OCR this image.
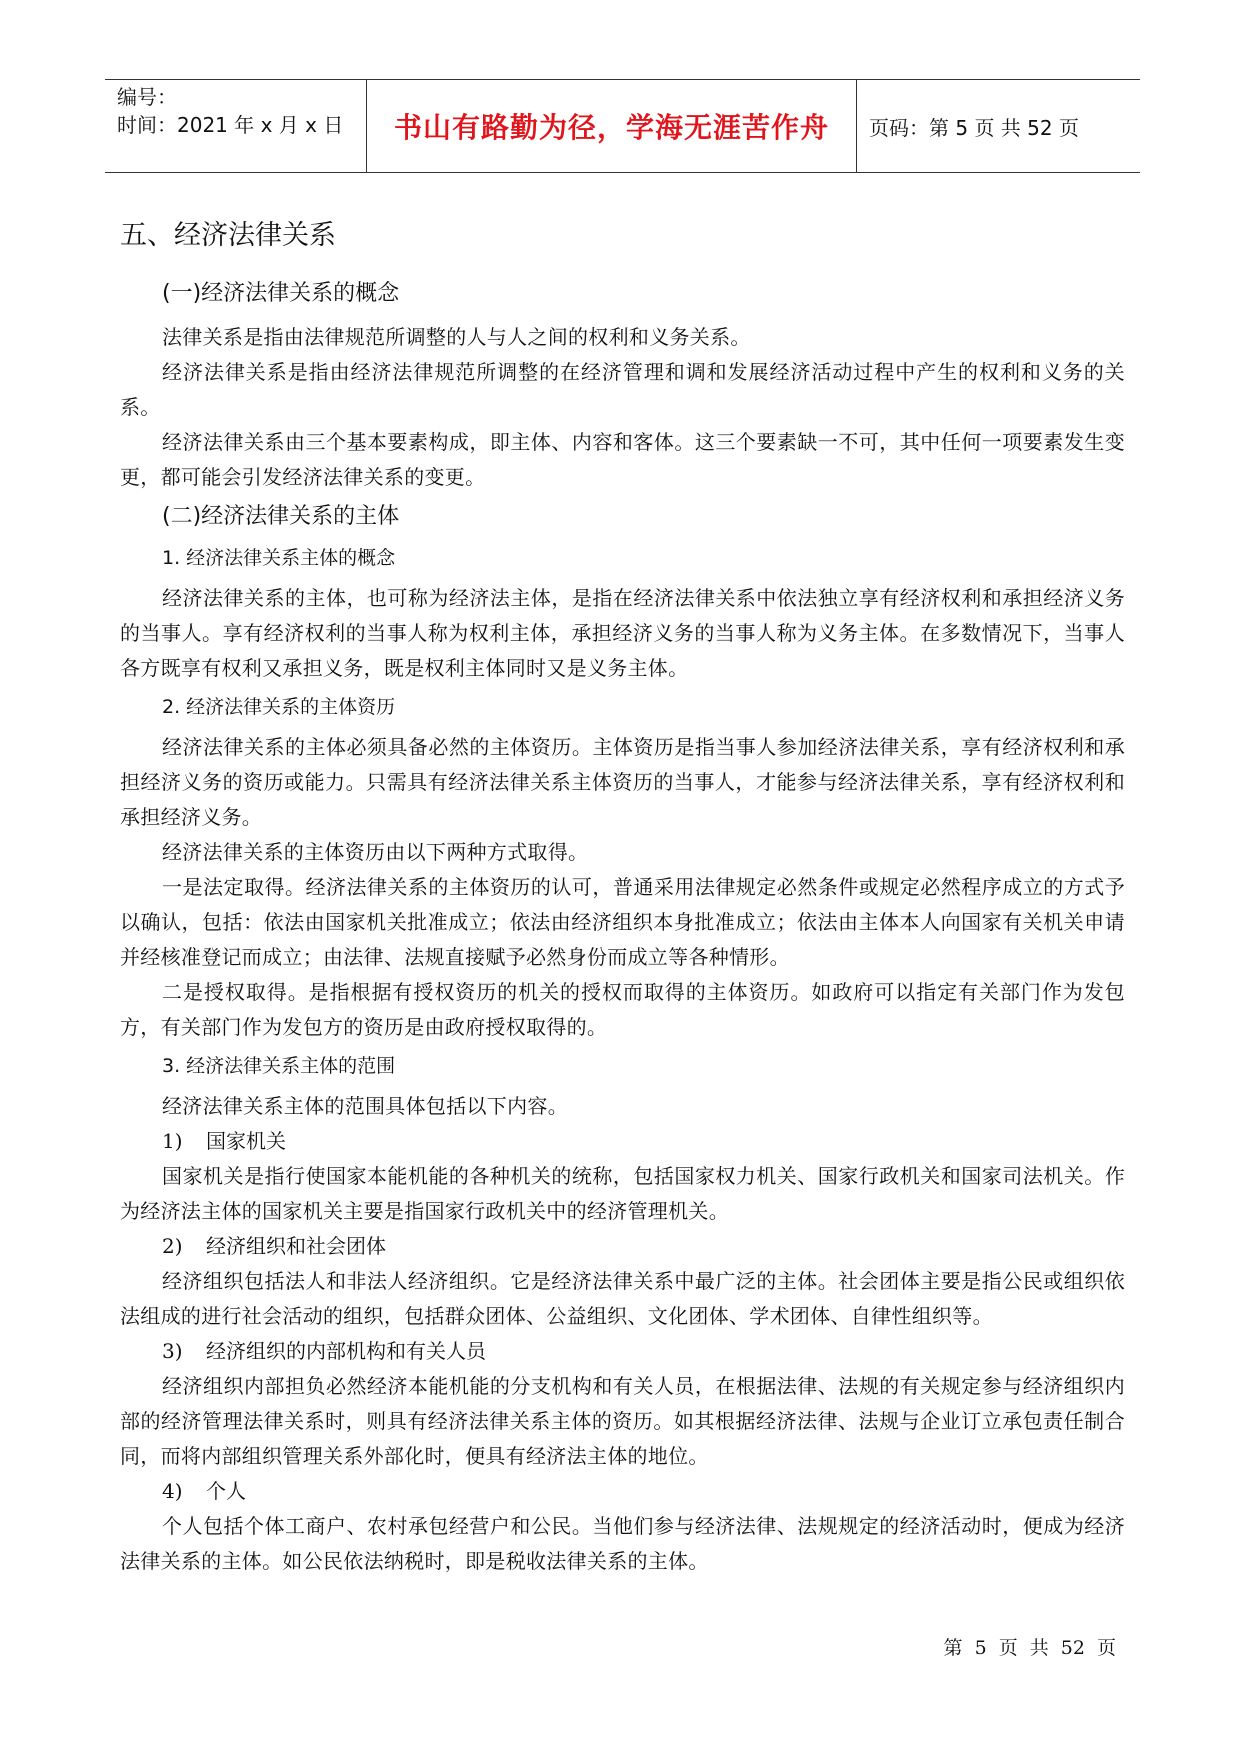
编号：
时间：2021 年 x 月 x 日	书山有路勤为径，学海无涯苦作舟	页码：第 5 页 共 52 页
五、经济法律关系
(一)经济法律关系的概念

法律关系是指由法律规范所调整的人与人之间的权利和义务关系。

经济法律关系是指由经济法律规范所调整的在经济管理和调和发展经济活动过程中产生的权利和义务的关系。

经济法律关系由三个基本要素构成，即主体、内容和客体。这三个要素缺一不可，其中任何一项要素发生变更，都可能会引发经济法律关系的变更。

(二)经济法律关系的主体
1. 经济法律关系主体的概念

经济法律关系的主体，也可称为经济法主体，是指在经济法律关系中依法独立享有经济权利和承担经济义务的当事人。享有经济权利的当事人称为权利主体，承担经济义务的当事人称为义务主体。在多数情况下，当事人各方既享有权利又承担义务，既是权利主体同时又是义务主体。

2. 经济法律关系的主体资历

经济法律关系的主体必须具备必然的主体资历。主体资历是指当事人参加经济法律关系，享有经济权利和承担经济义务的资历或能力。只需具有经济法律关系主体资历的当事人，才能参与经济法律关系，享有经济权利和承担经济义务。

经济法律关系的主体资历由以下两种方式取得。

一是法定取得。经济法律关系的主体资历的认可，普通采用法律规定必然条件或规定必然程序成立的方式予以确认，包括：依法由国家机关批准成立；依法由经济组织本身批准成立；依法由主体本人向国家有关机关申请并经核准登记而成立；由法律、法规直接赋予必然身份而成立等各种情形。

二是授权取得。是指根据有授权资历的机关的授权而取得的主体资历。如政府可以指定有关部门作为发包方，有关部门作为发包方的资历是由政府授权取得的。

3. 经济法律关系主体的范围

经济法律关系主体的范围具体包括以下内容。

1)	国家机关

国家机关是指行使国家本能机能的各种机关的统称，包括国家权力机关、国家行政机关和国家司法机关。作为经济法主体的国家机关主要是指国家行政机关中的经济管理机关。

2)	经济组织和社会团体

经济组织包括法人和非法人经济组织。它是经济法律关系中最广泛的主体。社会团体主要是指公民或组织依法组成的进行社会活动的组织，包括群众团体、公益组织、文化团体、学术团体、自律性组织等。

3)	经济组织的内部机构和有关人员

经济组织内部担负必然经济本能机能的分支机构和有关人员，在根据法律、法规的有关规定参与经济组织内部的经济管理法律关系时，则具有经济法律关系主体的资历。如其根据经济法律、法规与企业订立承包责任制合同，而将内部组织管理关系外部化时，便具有经济法主体的地位。

4)	个人

个人包括个体工商户、农村承包经营户和公民。当他们参与经济法律、法规规定的经济活动时，便成为经济法律关系的主体。如公民依法纳税时，即是税收法律关系的主体。

第 5 页 共 52 页
